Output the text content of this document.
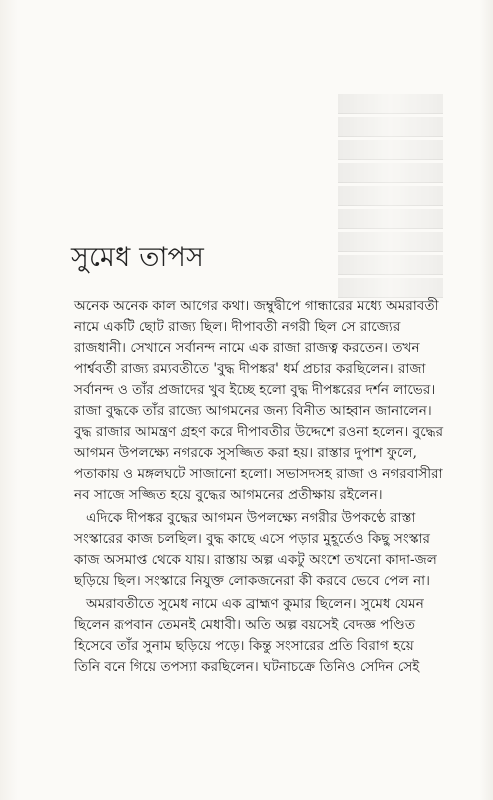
সুমেধ তাপস

অনেক অনেক কাল আগের কথা। জম্বুদ্বীপে গান্ধারের মধ্যে অমরাবতী
নামে একটি ছোট রাজ্য ছিল। দীপাবতী নগরী ছিল সে রাজ্যের
রাজধানী। সেখানে সর্বানন্দ নামে এক রাজা রাজত্ব করতেন। তখন
পার্শ্ববর্তী রাজ্য রম্যবতীতে 'বুদ্ধ দীপঙ্কর' ধর্ম প্রচার করছিলেন। রাজা
সর্বানন্দ ও তাঁর প্রজাদের খুব ইচ্ছে হলো বুদ্ধ দীপঙ্করের দর্শন লাভের।
রাজা বুদ্ধকে তাঁর রাজ্যে আগমনের জন্য বিনীত আহ্বান জানালেন।
বুদ্ধ রাজার আমন্ত্রণ গ্রহণ করে দীপাবতীর উদ্দেশে রওনা হলেন। বুদ্ধের
আগমন উপলক্ষ্যে নগরকে সুসজ্জিত করা হয়। রাস্তার দুপাশ ফুলে,
পতাকায় ও মঙ্গলঘটে সাজানো হলো। সভাসদসহ রাজা ও নগরবাসীরা
নব সাজে সজ্জিত হয়ে বুদ্ধের আগমনের প্রতীক্ষায় রইলেন।

এদিকে দীপঙ্কর বুদ্ধের আগমন উপলক্ষ্যে নগরীর উপকণ্ঠে রাস্তা
সংস্কারের কাজ চলছিল। বুদ্ধ কাছে এসে পড়ার মুহূর্তেও কিছু সংস্কার
কাজ অসমাপ্ত থেকে যায়। রাস্তায় অল্প একটু অংশে তখনো কাদা-জল
ছড়িয়ে ছিল। সংস্কারে নিযুক্ত লোকজনেরা কী করবে ভেবে পেল না।

অমরাবতীতে সুমেধ নামে এক ব্রাহ্মণ কুমার ছিলেন। সুমেধ যেমন
ছিলেন রূপবান তেমনই মেধাবী। অতি অল্প বয়সেই বেদজ্ঞ পণ্ডিত
হিসেবে তাঁর সুনাম ছড়িয়ে পড়ে। কিন্তু সংসারের প্রতি বিরাগ হয়ে
তিনি বনে গিয়ে তপস্যা করছিলেন। ঘটনাচক্রে তিনিও সেদিন সেই
